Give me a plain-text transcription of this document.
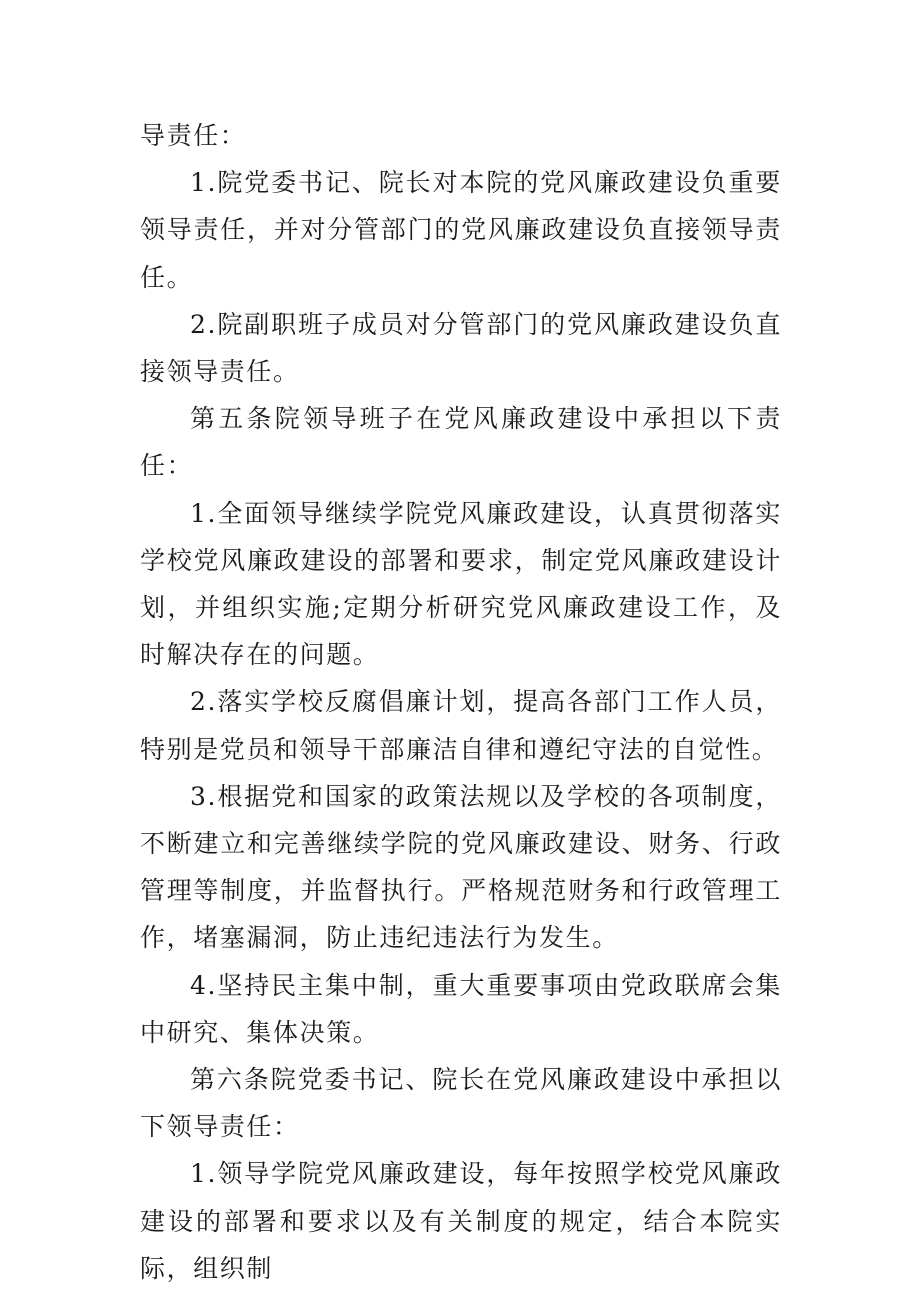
导责任：

1.院党委书记、院长对本院的党风廉政建设负重要领导责任，并对分管部门的党风廉政建设负直接领导责任。

2.院副职班子成员对分管部门的党风廉政建设负直接领导责任。

第五条院领导班子在党风廉政建设中承担以下责任：

1.全面领导继续学院党风廉政建设，认真贯彻落实学校党风廉政建设的部署和要求，制定党风廉政建设计划，并组织实施;定期分析研究党风廉政建设工作，及时解决存在的问题。

2.落实学校反腐倡廉计划，提高各部门工作人员，特别是党员和领导干部廉洁自律和遵纪守法的自觉性。

3.根据党和国家的政策法规以及学校的各项制度，不断建立和完善继续学院的党风廉政建设、财务、行政管理等制度，并监督执行。严格规范财务和行政管理工作，堵塞漏洞，防止违纪违法行为发生。

4.坚持民主集中制，重大重要事项由党政联席会集中研究、集体决策。

第六条院党委书记、院长在党风廉政建设中承担以下领导责任：

1.领导学院党风廉政建设，每年按照学校党风廉政建设的部署和要求以及有关制度的规定，结合本院实际，组织制
